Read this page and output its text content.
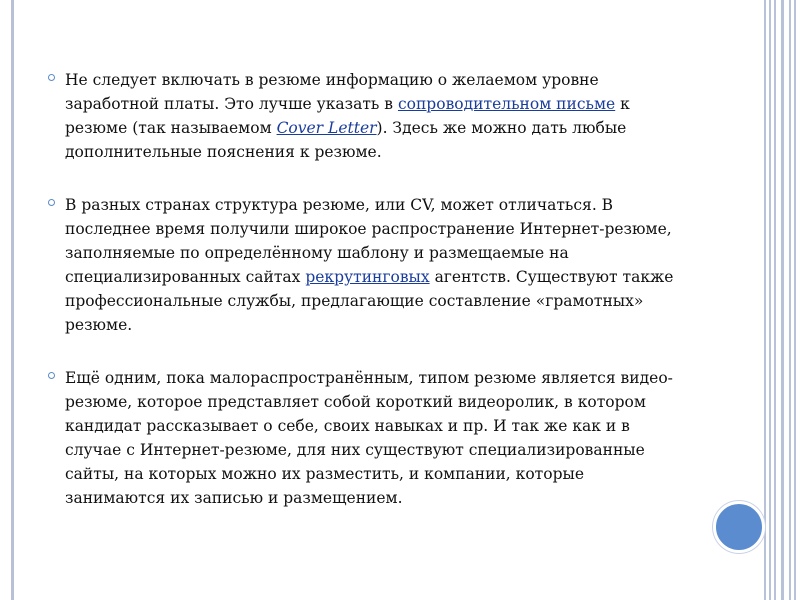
Не следует включать в резюме информацию о желаемом уровне заработной платы. Это лучше указать в сопроводительном письме к резюме (так называемом Cover Letter). Здесь же можно дать любые дополнительные пояснения к резюме.

В разных странах структура резюме, или CV, может отличаться. В последнее время получили широкое распространение Интернет-резюме, заполняемые по определённому шаблону и размещаемые на специализированных сайтах рекрутинговых агентств. Существуют также профессиональные службы, предлагающие составление «грамотных» резюме.

Ещё одним, пока малораспространённым, типом резюме является видео-резюме, которое представляет собой короткий видеоролик, в котором кандидат рассказывает о себе, своих навыках и пр. И так же как и в случае с Интернет-резюме, для них существуют специализированные сайты, на которых можно их разместить, и компании, которые занимаются их записью и размещением.
